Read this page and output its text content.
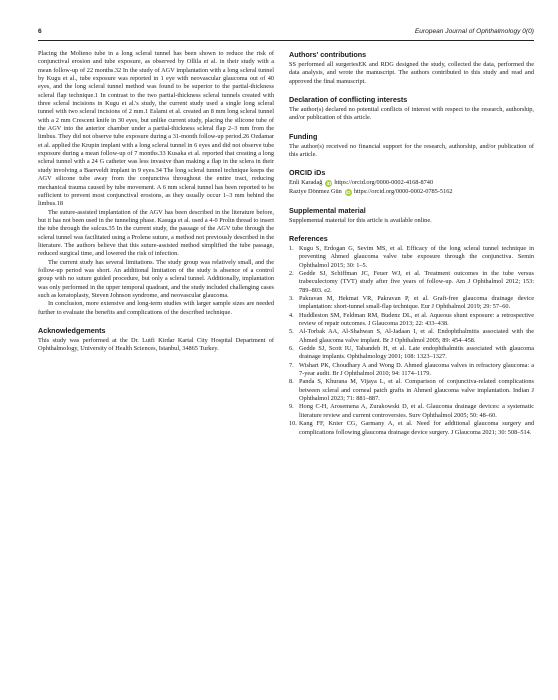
6	European Journal of Ophthalmology 0(0)

Placing the Molteno tube in a long scleral tunnel has been shown to reduce the risk of conjunctival erosion and tube exposure, as observed by Ollila et al. in their study with a mean follow-up of 22 months.32 In the study of AGV implantation with a long scleral tunnel by Kugu et al., tube exposure was reported in 1 eye with neovascular glaucoma out of 40 eyes, and the long scleral tunnel method was found to be superior to the partial-thickness scleral flap technique.1 In contrast to the two partial-thickness scleral tunnels created with three scleral incisions in Kugu et al.'s study, the current study used a single long scleral tunnel with two scleral incisions of 2 mm.1 Eslami et al. created an 8 mm long scleral tunnel with a 2 mm Crescent knife in 30 eyes, but unlike current study, placing the silicone tube of the AGV into the anterior chamber under a partial-thickness scleral flap 2–3 mm from the limbus. They did not observe tube exposure during a 31-month follow-up period.26 Ozdamar et al. applied the Krupin implant with a long scleral tunnel in 6 eyes and did not observe tube exposure during a mean follow-up of 7 months.33 Kusaka et al. reported that creating a long scleral tunnel with a 24 G catheter was less invasive than making a flap in the sclera in their study involving a Baerveldt implant in 9 eyes.34 The long scleral tunnel technique keeps the AGV silicone tube away from the conjunctiva throughout the entire tract, reducing mechanical trauma caused by tube movement. A 6 mm scleral tunnel has been reported to be sufficient to prevent most conjunctival erosions, as they usually occur 1–3 mm behind the limbus.18

The suture-assisted implantation of the AGV has been described in the literature before, but it has not been used in the tunneling phase. Kasuga et al. used a 4-0 Prolin thread to insert the tube through the sulcus.35 In the current study, the passage of the AGV tube through the scleral tunnel was facilitated using a Prolene suture, a method not previously described in the literature. The authors believe that this suture-assisted method simplified the tube passage, reduced surgical time, and lowered the risk of infection.

The current study has several limitations. The study group was relatively small, and the follow-up period was short. An additional limitation of the study is absence of a control group with no suture guided procedure, but only a scleral tunnel. Additionally, implantation was only performed in the upper temporal quadrant, and the study included challenging cases such as keratoplasty, Steven Johnson syndrome, and neovascular glaucoma.

In conclusion, more extensive and long-term studies with larger sample sizes are needed further to evaluate the benefits and complications of the described technique.

Acknowledgements

This study was performed at the Dr. Lutfi Kirdar Kartal City Hospital Department of Ophthalmology, University of Health Sciences, Istanbul, 34865 Turkey.

Authors' contributions

SS performed all surgeriesEK and RDG designed the study, collected the data, performed the data analysis, and wrote the manuscript. The authors contributed to this study and read and approved the final manuscript.

Declaration of conflicting interests

The author(s) declared no potential conflicts of interest with respect to the research, authorship, and/or publication of this article.

Funding

The author(s) received no financial support for the research, authorship, and/or publication of this article.

ORCID iDs
Enli Karadağ iD https://orcid.org/0000-0002-4168-8740
Raziye Dönmez Gün iD https://orcid.org/0000-0002-0785-5162
Supplemental material

Supplemental material for this article is available online.

References
1. Kugu S, Erdogan G, Sevim MS, et al. Efficacy of the long scleral tunnel technique in preventing Ahmed glaucoma valve tube exposure through the conjunctiva. Semin Ophthalmol 2015; 30: 1–5.
2. Gedde SJ, Schiffman JC, Feuer WJ, et al. Treatment outcomes in the tube versus trabeculectomy (TVT) study after five years of follow-up. Am J Ophthalmol 2012; 153: 789–803. e2.
3. Pakravan M, Hekmat VR, Pakravan P, et al. Graft-free glaucoma drainage device implantation: short-tunnel small-flap technique. Eur J Ophthalmol 2019; 29: 57–60.
4. Huddleston SM, Feldman RM, Budenz DL, et al. Aqueous shunt exposure: a retrospective review of repair outcomes. J Glaucoma 2013; 22: 433–438.
5. Al-Torbak AA, Al-Shahwan S, Al-Jadaan I, et al. Endophthalmitis associated with the Ahmed glaucoma valve implant. Br J Ophthalmol 2005; 89: 454–458.
6. Gedde SJ, Scott IU, Tabandeh H, et al. Late endophthalmitis associated with glaucoma drainage implants. Ophthalmology 2001; 108: 1323–1327.
7. Wishart PK, Choudhary A and Wong D. Ahmed glaucoma valves in refractory glaucoma: a 7-year audit. Br J Ophthalmol 2010; 94: 1174–1179.
8. Panda S, Khurana M, Vijaya L, et al. Comparison of conjunctiva-related complications between scleral and corneal patch grafts in Ahmed glaucoma valve implantation. Indian J Ophthalmol 2023; 71: 881–887.
9. Hong C-H, Arosemena A, Zurakowski D, et al. Glaucoma drainage devices: a systematic literature review and current controversies. Surv Ophthalmol 2005; 50: 48–60.
10. Kang FF, Knier CG, Garmany A, et al. Need for additional glaucoma surgery and complications following glaucoma drainage device surgery. J Glaucoma 2021; 30: 508–514.
